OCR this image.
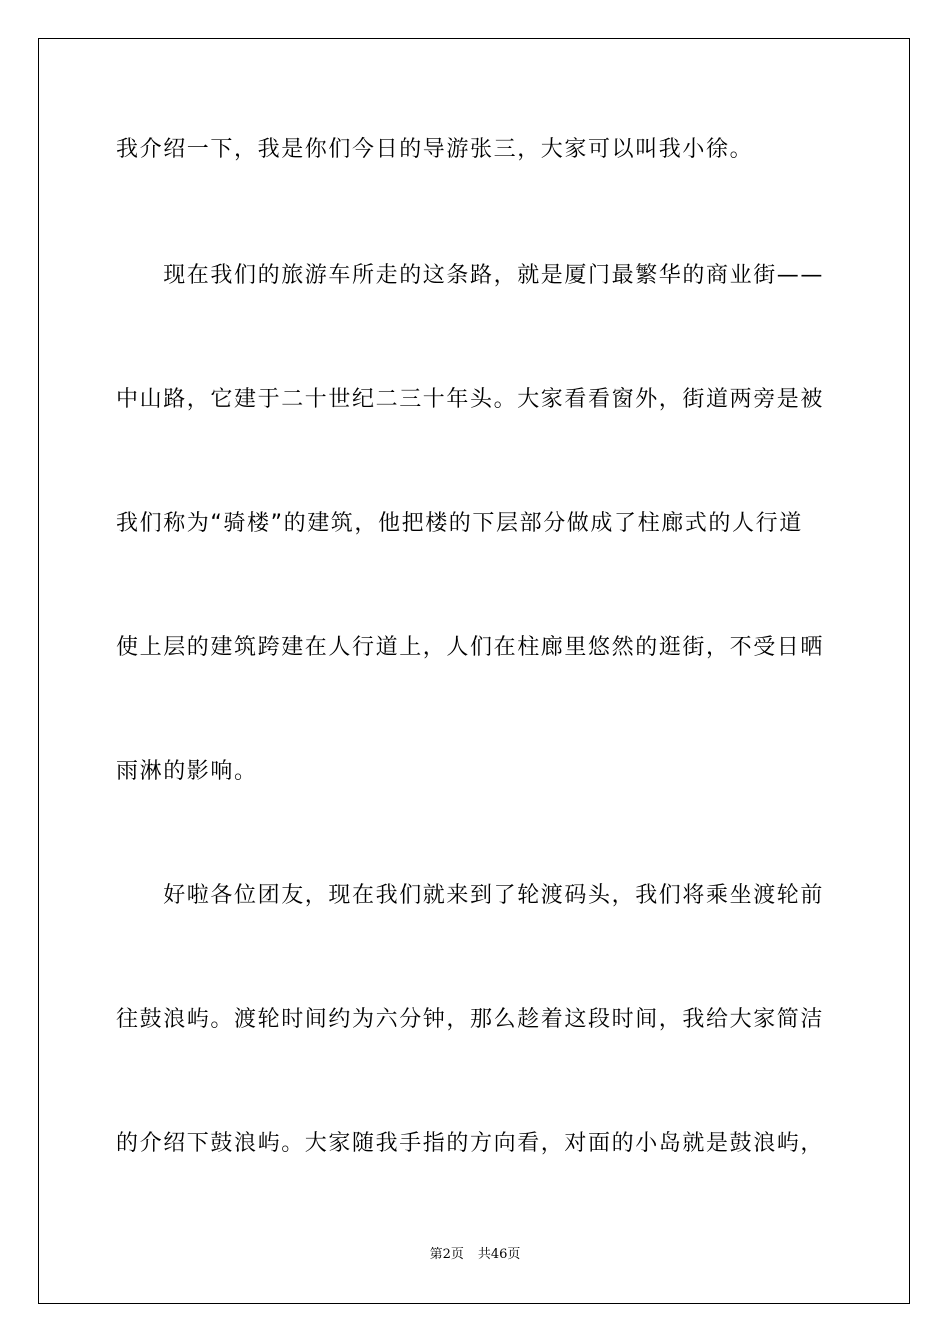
我介绍一下，我是你们今日的导游张三，大家可以叫我小徐。
　　现在我们的旅游车所走的这条路，就是厦门最繁华的商业街——
中山路，它建于二十世纪二三十年头。大家看看窗外，街道两旁是被
我们称为“骑楼”的建筑，他把楼的下层部分做成了柱廊式的人行道
使上层的建筑跨建在人行道上，人们在柱廊里悠然的逛街，不受日晒
雨淋的影响。
　　好啦各位团友，现在我们就来到了轮渡码头，我们将乘坐渡轮前
往鼓浪屿。渡轮时间约为六分钟，那么趁着这段时间，我给大家简洁
的介绍下鼓浪屿。大家随我手指的方向看，对面的小岛就是鼓浪屿，
第2页 共46页
